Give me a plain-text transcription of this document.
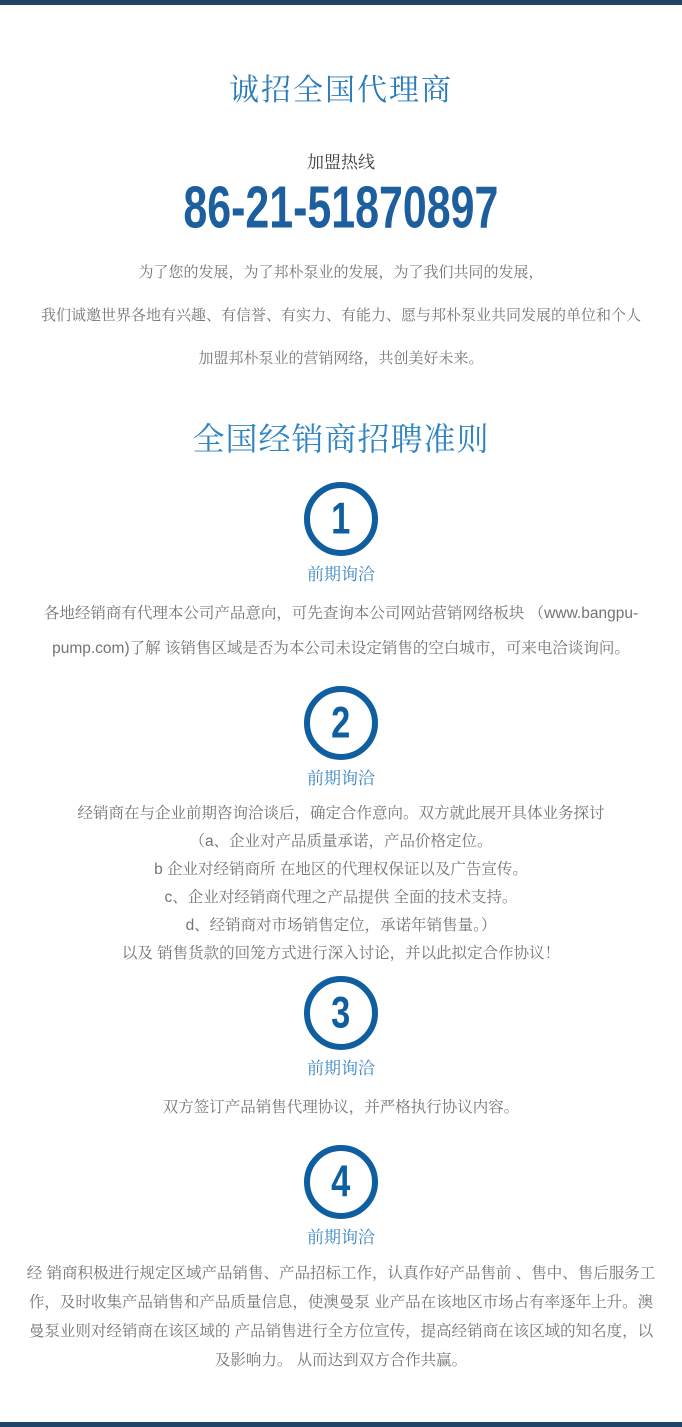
诚招全国代理商
加盟热线
86-21-51870897
为了您的发展，为了邦朴泵业的发展，为了我们共同的发展，
我们诚邀世界各地有兴趣、有信誉、有实力、有能力、愿与邦朴泵业共同发展的单位和个人
加盟邦朴泵业的营销网络，共创美好未来。
全国经销商招聘准则
1
前期询洽
各地经销商有代理本公司产品意向，可先查询本公司网站营销网络板块 （www.bangpu-
pump.com)了解 该销售区域是否为本公司未设定销售的空白城市，可来电洽谈询问。
2
前期询洽
经销商在与企业前期咨询洽谈后，确定合作意向。双方就此展开具体业务探讨
（a、企业对产品质量承诺，产品价格定位。
b 企业对经销商所 在地区的代理权保证以及广告宣传。
c、企业对经销商代理之产品提供 全面的技术支持。
d、经销商对市场销售定位，承诺年销售量。）
以及 销售货款的回笼方式进行深入讨论，并以此拟定合作协议！
3
前期询洽
双方签订产品销售代理协议，并严格执行协议内容。
4
前期询洽
经 销商积极进行规定区域产品销售、产品招标工作，认真作好产品售前 、售中、售后服务工
作，及时收集产品销售和产品质量信息，使澳曼泵 业产品在该地区市场占有率逐年上升。澳
曼泵业则对经销商在该区域的 产品销售进行全方位宣传，提高经销商在该区域的知名度，以
及影响力。 从而达到双方合作共赢。
